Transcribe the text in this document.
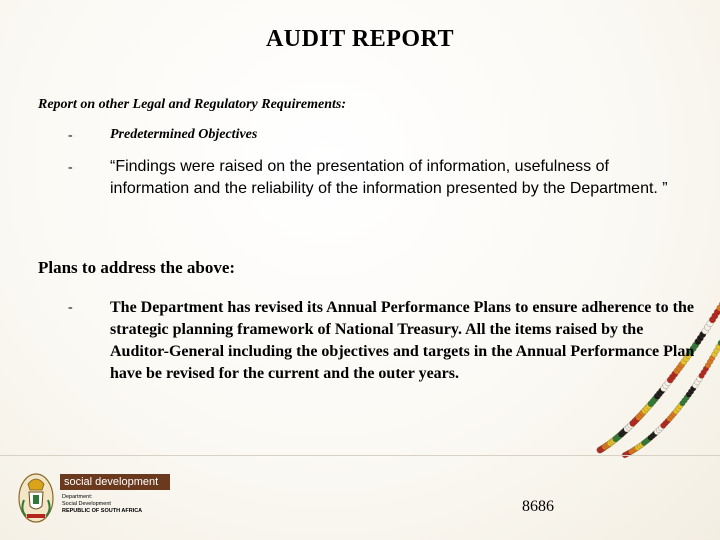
AUDIT REPORT
Report on other Legal and Regulatory Requirements:
-	Predetermined Objectives
- “Findings were raised on the presentation of information, usefulness of information and the reliability of the information presented by the Department. ”
Plans to address the above:
- The Department has revised its Annual Performance Plans to ensure adherence to the strategic planning framework of National Treasury. All the items raised by the Auditor-General including the objectives and targets in the Annual Performance Plan have be revised for the current and the outer years.
social development
Department:
Social Development
REPUBLIC OF SOUTH AFRICA	8686
